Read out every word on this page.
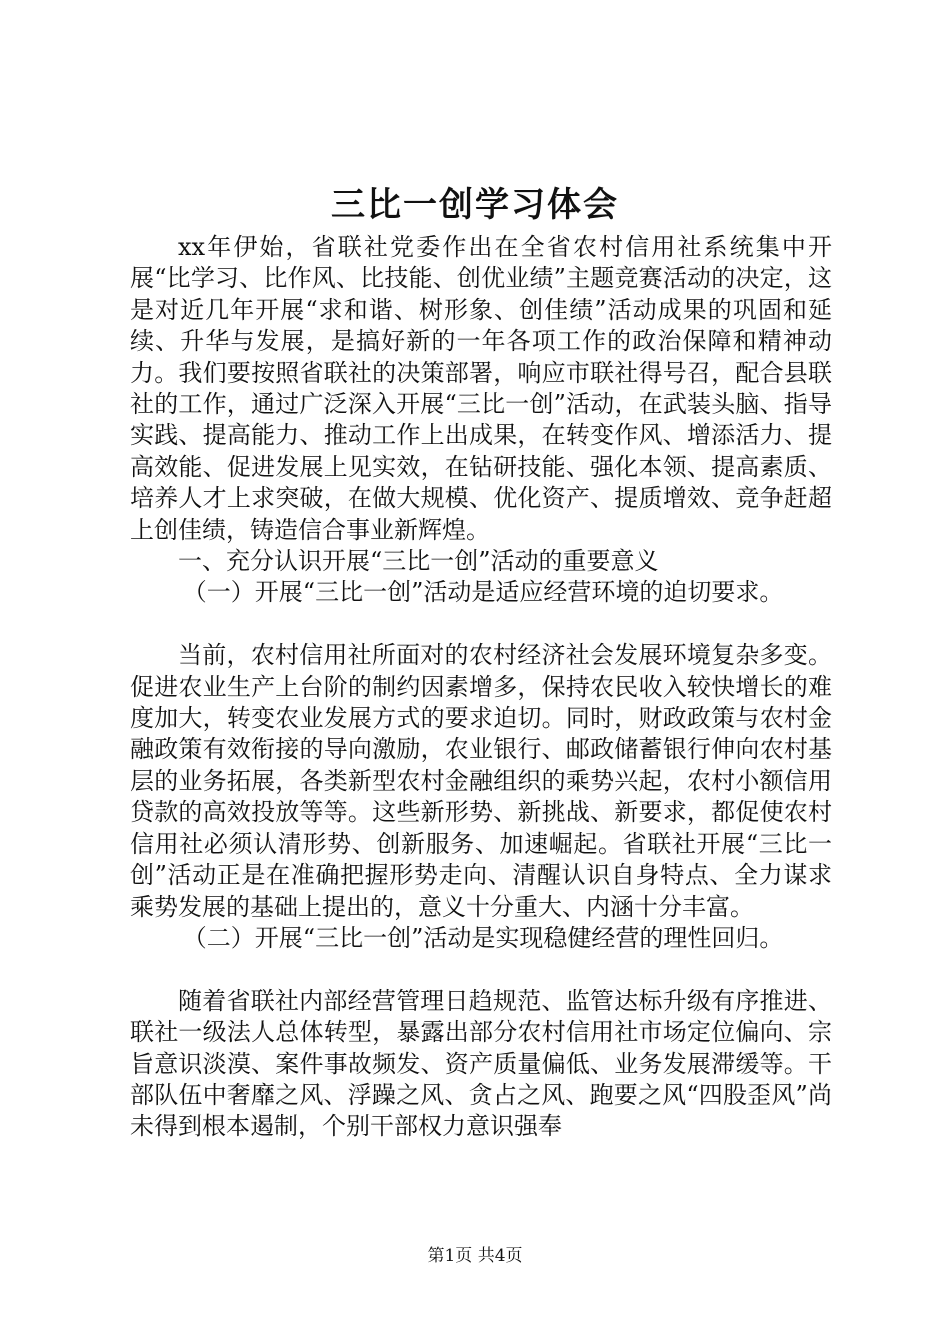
三比一创学习体会

xx年伊始，省联社党委作出在全省农村信用社系统集中开展“比学习、比作风、比技能、创优业绩”主题竞赛活动的决定，这是对近几年开展“求和谐、树形象、创佳绩”活动成果的巩固和延续、升华与发展，是搞好新的一年各项工作的政治保障和精神动力。我们要按照省联社的决策部署，响应市联社得号召，配合县联社的工作，通过广泛深入开展“三比一创”活动，在武装头脑、指导实践、提高能力、推动工作上出成果，在转变作风、增添活力、提高效能、促进发展上见实效，在钻研技能、强化本领、提高素质、培养人才上求突破，在做大规模、优化资产、提质增效、竞争赶超上创佳绩，铸造信合事业新辉煌。

一、充分认识开展“三比一创”活动的重要意义

（一）开展“三比一创”活动是适应经营环境的迫切要求。

当前，农村信用社所面对的农村经济社会发展环境复杂多变。促进农业生产上台阶的制约因素增多，保持农民收入较快增长的难度加大，转变农业发展方式的要求迫切。同时，财政政策与农村金融政策有效衔接的导向激励，农业银行、邮政储蓄银行伸向农村基层的业务拓展，各类新型农村金融组织的乘势兴起，农村小额信用贷款的高效投放等等。这些新形势、新挑战、新要求，都促使农村信用社必须认清形势、创新服务、加速崛起。省联社开展“三比一创”活动正是在准确把握形势走向、清醒认识自身特点、全力谋求乘势发展的基础上提出的，意义十分重大、内涵十分丰富。

（二）开展“三比一创”活动是实现稳健经营的理性回归。

随着省联社内部经营管理日趋规范、监管达标升级有序推进、联社一级法人总体转型，暴露出部分农村信用社市场定位偏向、宗旨意识淡漠、案件事故频发、资产质量偏低、业务发展滞缓等。干部队伍中奢靡之风、浮躁之风、贪占之风、跑要之风“四股歪风”尚未得到根本遏制，个别干部权力意识强奉

第1页 共4页
